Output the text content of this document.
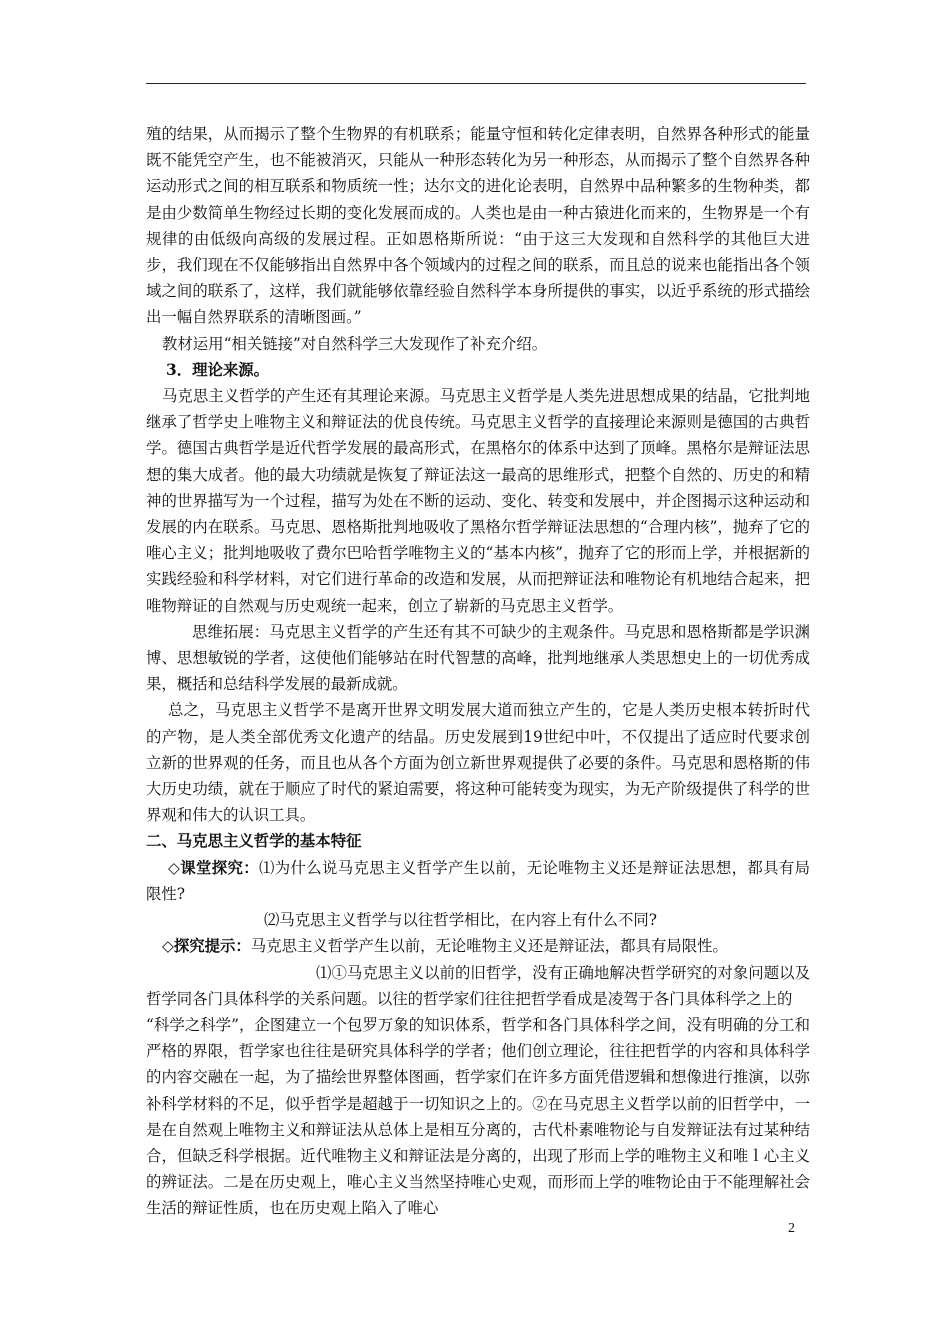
殖的结果，从而揭示了整个生物界的有机联系；能量守恒和转化定律表明，自然界各种形式的能量既不能凭空产生，也不能被消灭，只能从一种形态转化为另一种形态，从而揭示了整个自然界各种运动形式之间的相互联系和物质统一性；达尔文的进化论表明，自然界中品种繁多的生物种类，都是由少数简单生物经过长期的变化发展而成的。人类也是由一种古猿进化而来的，生物界是一个有规律的由低级向高级的发展过程。正如恩格斯所说：“由于这三大发现和自然科学的其他巨大进步，我们现在不仅能够指出自然界中各个领域内的过程之间的联系，而且总的说来也能指出各个领域之间的联系了，这样，我们就能够依靠经验自然科学本身所提供的事实，以近乎系统的形式描绘出一幅自然界联系的清晰图画。”

教材运用“相关链接”对自然科学三大发现作了补充介绍。

3．理论来源。

马克思主义哲学的产生还有其理论来源。马克思主义哲学是人类先进思想成果的结晶，它批判地继承了哲学史上唯物主义和辩证法的优良传统。马克思主义哲学的直接理论来源则是德国的古典哲学。德国古典哲学是近代哲学发展的最高形式，在黑格尔的体系中达到了顶峰。黑格尔是辩证法思想的集大成者。他的最大功绩就是恢复了辩证法这一最高的思维形式，把整个自然的、历史的和精神的世界描写为一个过程，描写为处在不断的运动、变化、转变和发展中，并企图揭示这种运动和发展的内在联系。马克思、恩格斯批判地吸收了黑格尔哲学辩证法思想的“合理内核”，抛弃了它的唯心主义；批判地吸收了费尔巴哈哲学唯物主义的“基本内核”，抛弃了它的形而上学，并根据新的实践经验和科学材料，对它们进行革命的改造和发展，从而把辩证法和唯物论有机地结合起来，把唯物辩证的自然观与历史观统一起来，创立了崭新的马克思主义哲学。

思维拓展：马克思主义哲学的产生还有其不可缺少的主观条件。马克思和恩格斯都是学识渊博、思想敏锐的学者，这使他们能够站在时代智慧的高峰，批判地继承人类思想史上的一切优秀成果，概括和总结科学发展的最新成就。

总之，马克思主义哲学不是离开世界文明发展大道而独立产生的，它是人类历史根本转折时代的产物，是人类全部优秀文化遗产的结晶。历史发展到19世纪中叶，不仅提出了适应时代要求创立新的世界观的任务，而且也从各个方面为创立新世界观提供了必要的条件。马克思和恩格斯的伟大历史功绩，就在于顺应了时代的紧迫需要，将这种可能转变为现实，为无产阶级提供了科学的世界观和伟大的认识工具。

二、马克思主义哲学的基本特征

◇课堂探究：⑴为什么说马克思主义哲学产生以前，无论唯物主义还是辩证法思想，都具有局限性?

⑵马克思主义哲学与以往哲学相比，在内容上有什么不同?

◇探究提示：马克思主义哲学产生以前，无论唯物主义还是辩证法，都具有局限性。

⑴①马克思主义以前的旧哲学，没有正确地解决哲学研究的对象问题以及哲学同各门具体科学的关系问题。以往的哲学家们往往把哲学看成是凌驾于各门具体科学之上的

“科学之科学”，企图建立一个包罗万象的知识体系，哲学和各门具体科学之间，没有明确的分工和严格的界限，哲学家也往往是研究具体科学的学者；他们创立理论，往往把哲学的内容和具体科学的内容交融在一起，为了描绘世界整体图画，哲学家们在许多方面凭借逻辑和想像进行推演，以弥补科学材料的不足，似乎哲学是超越于一切知识之上的。②在马克思主义哲学以前的旧哲学中，一是在自然观上唯物主义和辩证法从总体上是相互分离的，古代朴素唯物论与自发辩证法有过某种结合，但缺乏科学根据。近代唯物主义和辩证法是分离的，出现了形而上学的唯物主义和唯ｌ心主义的辨证法。二是在历史观上，唯心主义当然坚持唯心史观，而形而上学的唯物论由于不能理解社会生活的辩证性质，也在历史观上陷入了唯心

2
